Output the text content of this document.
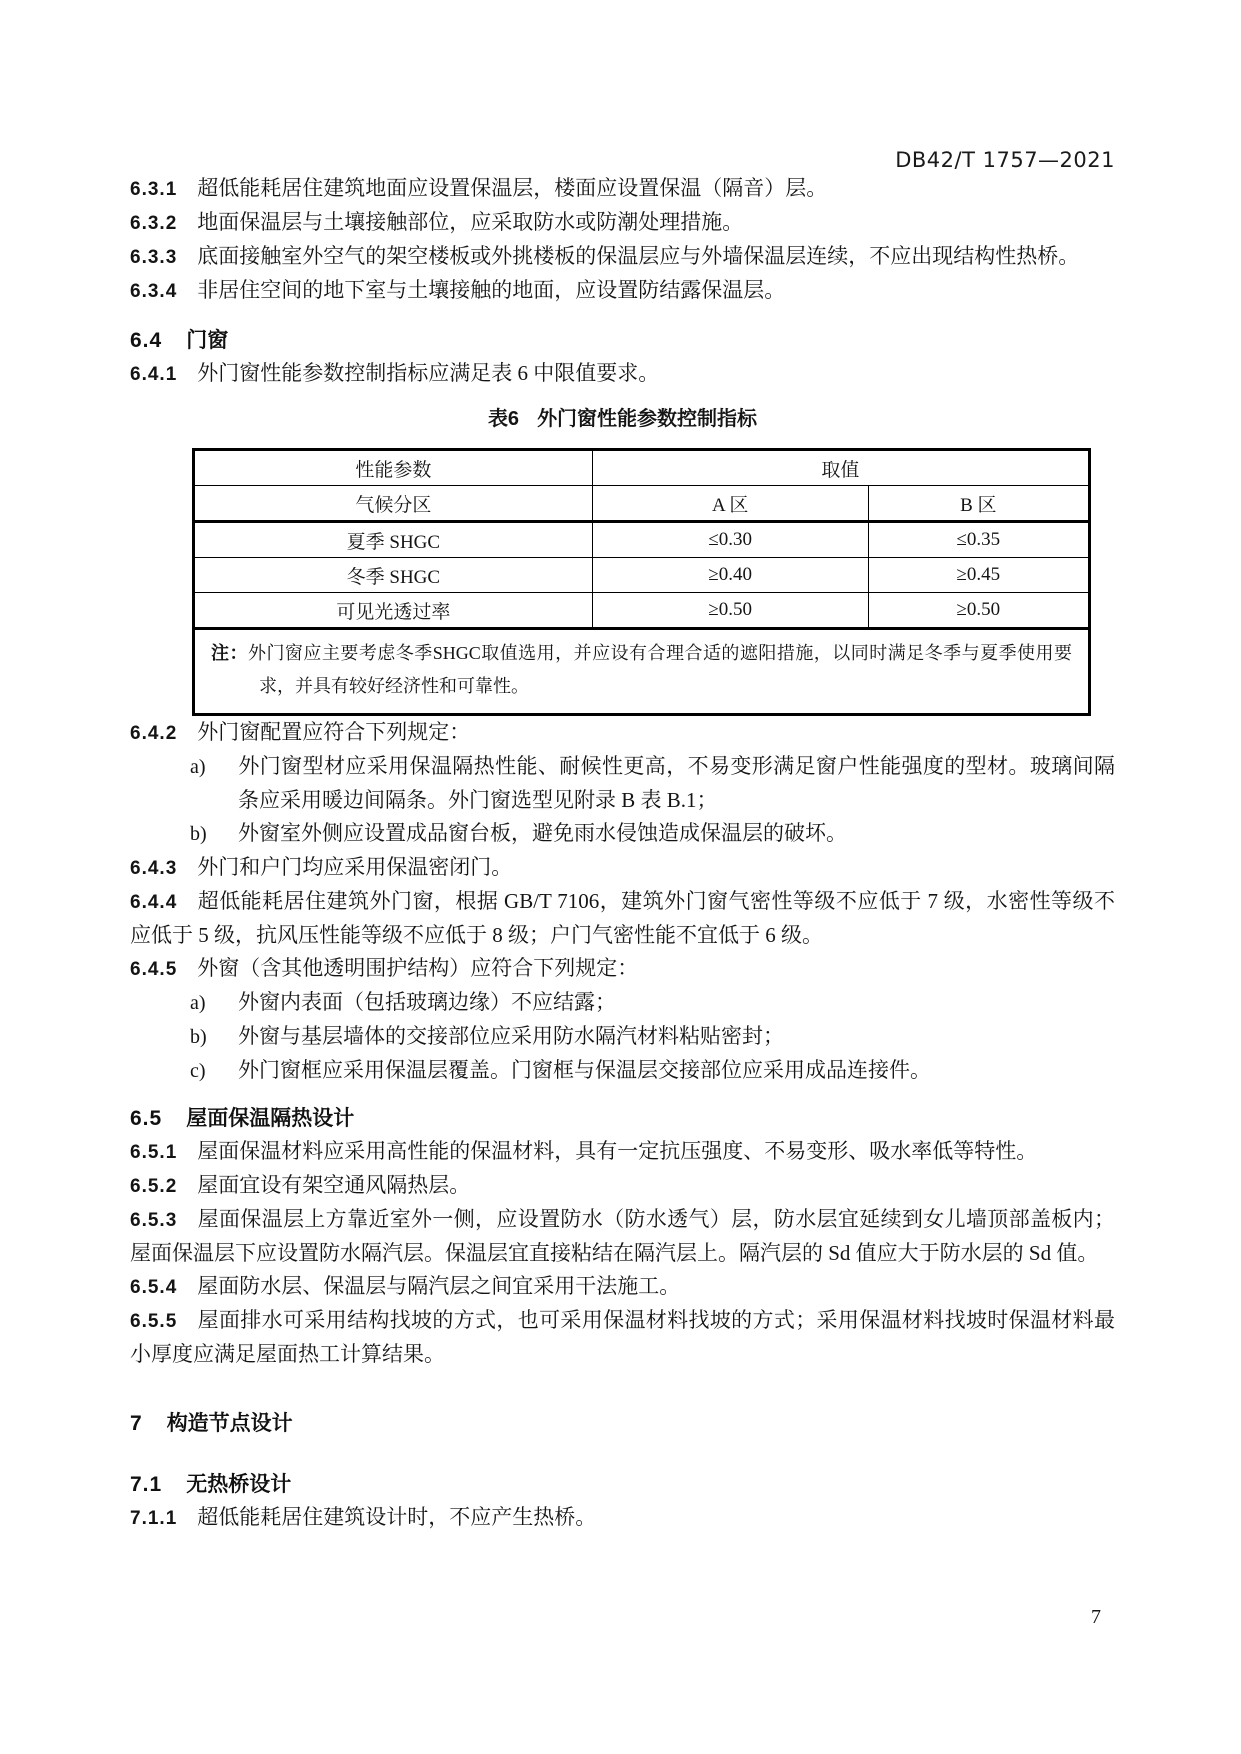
DB42/T 1757—2021

6.3.1 超低能耗居住建筑地面应设置保温层，楼面应设置保温（隔音）层。

6.3.2 地面保温层与土壤接触部位，应采取防水或防潮处理措施。

6.3.3 底面接触室外空气的架空楼板或外挑楼板的保温层应与外墙保温层连续，不应出现结构性热桥。

6.3.4 非居住空间的地下室与土壤接触的地面，应设置防结露保温层。

6.4 门窗

6.4.1 外门窗性能参数控制指标应满足表 6 中限值要求。

表6 外门窗性能参数控制指标
性能参数	取值	
气候分区	A 区	B 区
夏季 SHGC	≤0.30	≤0.35
冬季 SHGC	≥0.40	≥0.45
可见光透过率	≥0.50	≥0.50

注：外门窗应主要考虑冬季SHGC取值选用，并应设有合理合适的遮阳措施，以同时满足冬季与夏季使用要求，并具有较好经济性和可靠性。		

6.4.2 外门窗配置应符合下列规定：

a) 外门窗型材应采用保温隔热性能、耐候性更高，不易变形满足窗户性能强度的型材。玻璃间隔条应采用暖边间隔条。外门窗选型见附录 B 表 B.1；

b) 外窗室外侧应设置成品窗台板，避免雨水侵蚀造成保温层的破坏。

6.4.3 外门和户门均应采用保温密闭门。

6.4.4 超低能耗居住建筑外门窗，根据 GB/T 7106，建筑外门窗气密性等级不应低于 7 级，水密性等级不应低于 5 级，抗风压性能等级不应低于 8 级；户门气密性能不宜低于 6 级。

6.4.5 外窗（含其他透明围护结构）应符合下列规定：

a) 外窗内表面（包括玻璃边缘）不应结露；

b) 外窗与基层墙体的交接部位应采用防水隔汽材料粘贴密封；

c) 外门窗框应采用保温层覆盖。门窗框与保温层交接部位应采用成品连接件。

6.5 屋面保温隔热设计

6.5.1 屋面保温材料应采用高性能的保温材料，具有一定抗压强度、不易变形、吸水率低等特性。

6.5.2 屋面宜设有架空通风隔热层。

6.5.3 屋面保温层上方靠近室外一侧，应设置防水（防水透气）层，防水层宜延续到女儿墙顶部盖板内；屋面保温层下应设置防水隔汽层。保温层宜直接粘结在隔汽层上。隔汽层的 Sd 值应大于防水层的 Sd 值。

6.5.4 屋面防水层、保温层与隔汽层之间宜采用干法施工。

6.5.5 屋面排水可采用结构找坡的方式，也可采用保温材料找坡的方式；采用保温材料找坡时保温材料最小厚度应满足屋面热工计算结果。

7 构造节点设计
7.1 无热桥设计

7.1.1 超低能耗居住建筑设计时，不应产生热桥。

7
